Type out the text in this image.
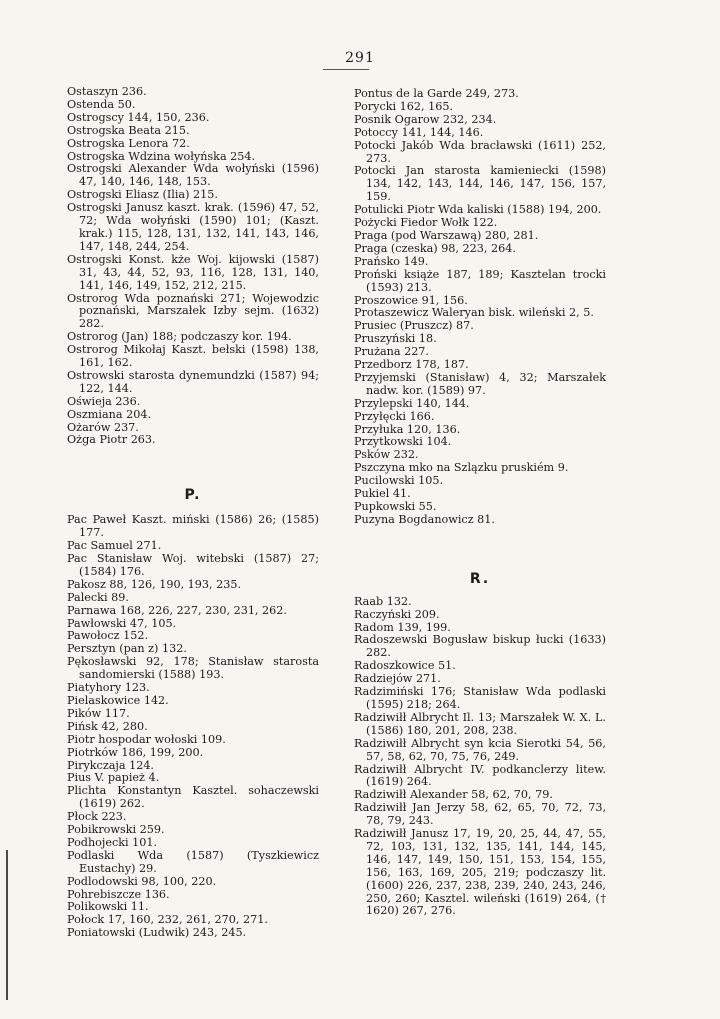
291
Ostaszyn 236.
Ostenda 50.
Ostrogscy 144, 150, 236.
Ostrogska Beata 215.
Ostrogska Lenora 72.
Ostrogska Wdzina wołyńska 254.
Ostrogski Alexander Wda wołyński (1596) 47, 140, 146, 148, 153.
Ostrogski Eliasz (Ilia) 215.
Ostrogski Janusz kaszt. krak. (1596) 47, 52, 72; Wda wołyński (1590) 101; (Kaszt. krak.) 115, 128, 131, 132, 141, 143, 146, 147, 148, 244, 254.
Ostrogski Konst. kże Woj. kijowski (1587) 31, 43, 44, 52, 93, 116, 128, 131, 140, 141, 146, 149, 152, 212, 215.
Ostrorog Wda poznański 271; Wojewodzic poznański, Marszałek Izby sejm. (1632) 282.
Ostrorog (Jan) 188; podczaszy kor. 194.
Ostrorog Mikołaj Kaszt. bełski (1598) 138, 161, 162.
Ostrowski starosta dynemundzki (1587) 94; 122, 144.
Oświeja 236.
Oszmiana 204.
Ożarów 237.
Ożga Piotr 263.
P.
Pac Paweł Kaszt. miński (1586) 26; (1585) 177.
Pac Samuel 271.
Pac Stanisław Woj. witebski (1587) 27; (1584) 176.
Pakosz 88, 126, 190, 193, 235.
Palecki 89.
Parnawa 168, 226, 227, 230, 231, 262.
Pawłowski 47, 105.
Pawołocz 152.
Persztyn (pan z) 132.
Pękosławski 92, 178; Stanisław starosta sandomierski (1588) 193.
Piatyhory 123.
Pielaskowice 142.
Pików 117.
Pińsk 42, 280.
Piotr hospodar wołoski 109.
Piotrków 186, 199, 200.
Pirykczaja 124.
Pius V. papież 4.
Plichta Konstantyn Kasztel. sohaczewski (1619) 262.
Płock 223.
Pobikrowski 259.
Podhojecki 101.
Podlaski Wda (1587) (Tyszkiewicz Eustachy) 29.
Podlodowski 98, 100, 220.
Pohrebiszcze 136.
Polikowski 11.
Połock 17, 160, 232, 261, 270, 271.
Poniatowski (Ludwik) 243, 245.
Pontus de la Garde 249, 273.
Porycki 162, 165.
Posnik Ogarow 232, 234.
Potoccy 141, 144, 146.
Potocki Jakób Wda bracławski (1611) 252, 273.
Potocki Jan starosta kamieniecki (1598) 134, 142, 143, 144, 146, 147, 156, 157, 159.
Potulicki Piotr Wda kaliski (1588) 194, 200.
Pożycki Fiedor Wołk 122.
Praga (pod Warszawą) 280, 281.
Praga (czeska) 98, 223, 264.
Prańsko 149.
Proński książe 187, 189; Kasztelan trocki (1593) 213.
Proszowice 91, 156.
Protaszewicz Waleryan bisk. wileński 2, 5.
Prusiec (Pruszcz) 87.
Pruszyński 18.
Prużana 227.
Przedborz 178, 187.
Przyjemski (Stanisław) 4, 32; Marszałek nadw. kor. (1589) 97.
Przylepski 140, 144.
Przyłęcki 166.
Przyłuka 120, 136.
Przytkowski 104.
Psków 232.
Pszczyna mko na Szlązku pruskiém 9.
Pucilowski 105.
Pukiel 41.
Pupkowski 55.
Puzyna Bogdanowicz 81.
R.
Raab 132.
Raczyński 209.
Radom 139, 199.
Radoszewski Bogusław biskup łucki (1633) 282.
Radoszkowice 51.
Radziejów 271.
Radzimiński 176; Stanisław Wda podlaski (1595) 218; 264.
Radziwiłł Albrycht Il. 13; Marszałek W. X. L. (1586) 180, 201, 208, 238.
Radziwiłł Albrycht syn kcia Sierotki 54, 56, 57, 58, 62, 70, 75, 76, 249.
Radziwiłł Albrycht IV. podkanclerzy litew. (1619) 264.
Radziwiłł Alexander 58, 62, 70, 79.
Radziwiłł Jan Jerzy 58, 62, 65, 70, 72, 73, 78, 79, 243.
Radziwiłł Janusz 17, 19, 20, 25, 44, 47, 55, 72, 103, 131, 132, 135, 141, 144, 145, 146, 147, 149, 150, 151, 153, 154, 155, 156, 163, 169, 205, 219; podczaszy lit. (1600) 226, 237, 238, 239, 240, 243, 246, 250, 260; Kasztel. wileński (1619) 264, († 1620) 267, 276.
